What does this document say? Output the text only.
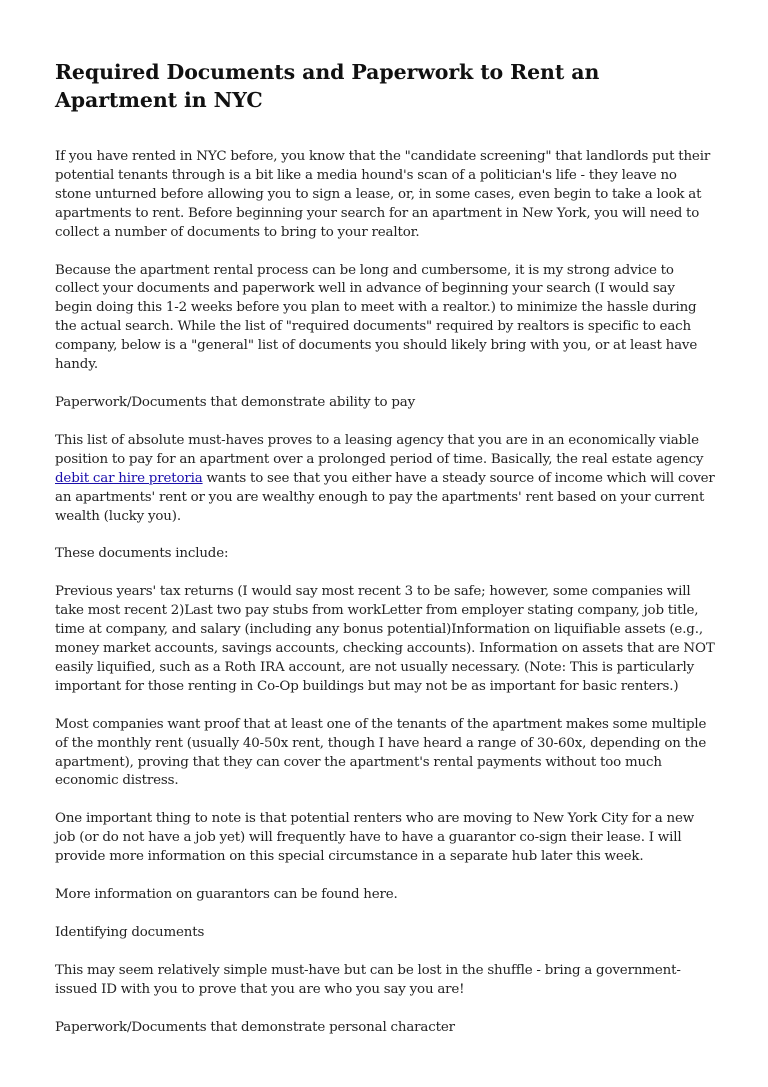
Required Documents and Paperwork to Rent an Apartment in NYC

If you have rented in NYC before, you know that the "candidate screening" that landlords put their potential tenants through is a bit like a media hound's scan of a politician's life - they leave no stone unturned before allowing you to sign a lease, or, in some cases, even begin to take a look at apartments to rent. Before beginning your search for an apartment in New York, you will need to collect a number of documents to bring to your realtor.

Because the apartment rental process can be long and cumbersome, it is my strong advice to collect your documents and paperwork well in advance of beginning your search (I would say begin doing this 1-2 weeks before you plan to meet with a realtor.) to minimize the hassle during the actual search. While the list of "required documents" required by realtors is specific to each company, below is a "general" list of documents you should likely bring with you, or at least have handy.

Paperwork/Documents that demonstrate ability to pay

This list of absolute must-haves proves to a leasing agency that you are in an economically viable position to pay for an apartment over a prolonged period of time. Basically, the real estate agency debit car hire pretoria wants to see that you either have a steady source of income which will cover an apartments' rent or you are wealthy enough to pay the apartments' rent based on your current wealth (lucky you).

These documents include:

Previous years' tax returns (I would say most recent 3 to be safe; however, some companies will take most recent 2)Last two pay stubs from workLetter from employer stating company, job title, time at company, and salary (including any bonus potential)Information on liquifiable assets (e.g., money market accounts, savings accounts, checking accounts). Information on assets that are NOT easily liquified, such as a Roth IRA account, are not usually necessary. (Note: This is particularly important for those renting in Co-Op buildings but may not be as important for basic renters.)

Most companies want proof that at least one of the tenants of the apartment makes some multiple of the monthly rent (usually 40-50x rent, though I have heard a range of 30-60x, depending on the apartment), proving that they can cover the apartment's rental payments without too much economic distress.

One important thing to note is that potential renters who are moving to New York City for a new job (or do not have a job yet) will frequently have to have a guarantor co-sign their lease. I will provide more information on this special circumstance in a separate hub later this week.

More information on guarantors can be found here.

Identifying documents

This may seem relatively simple must-have but can be lost in the shuffle - bring a government-issued ID with you to prove that you are who you say you are!

Paperwork/Documents that demonstrate personal character
